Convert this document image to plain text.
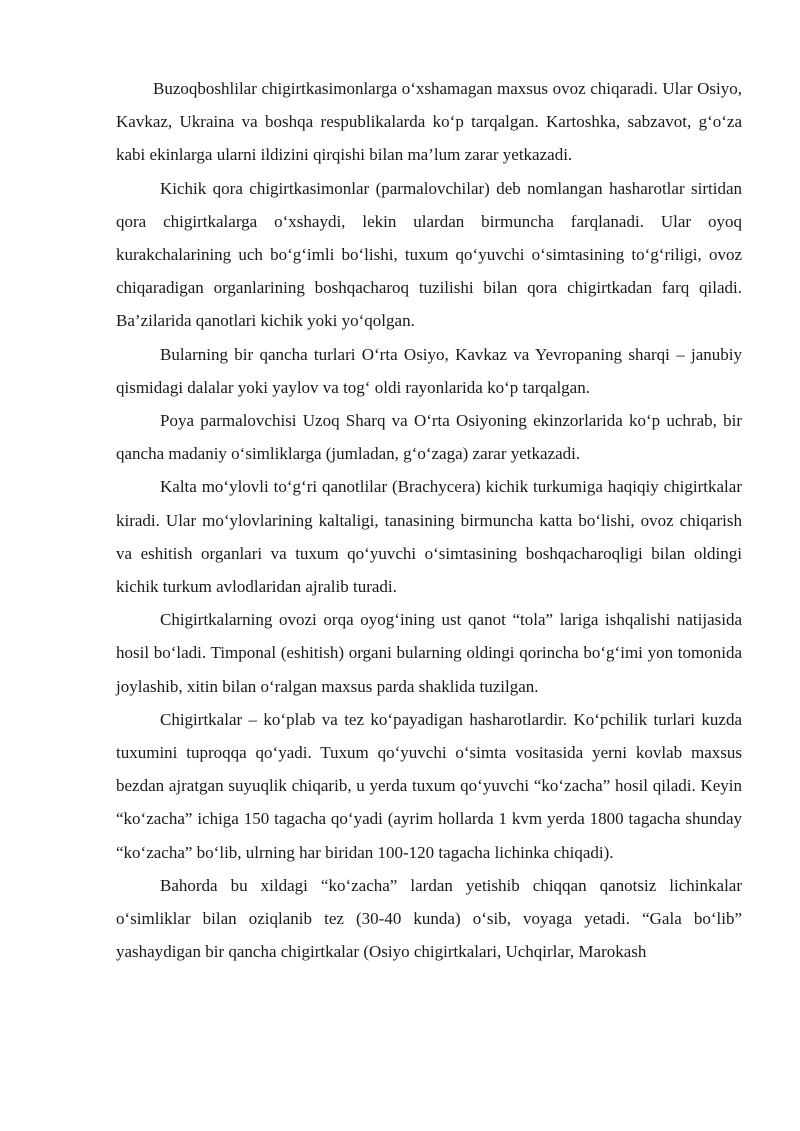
Buzoqboshlilar chigirtkasimonlarga o‘xshamagan maxsus ovoz chiqaradi. Ular Osiyo, Kavkaz, Ukraina va boshqa respublikalarda ko‘p tarqalgan. Kartoshka, sabzavot, g‘o‘za kabi ekinlarga ularni ildizini qirqishi bilan ma’lum zarar yetkazadi.

Kichik qora chigirtkasimonlar (parmalovchilar) deb nomlangan hasharotlar sirtidan qora chigirtkalarga o‘xshaydi, lekin ulardan birmuncha farqlanadi. Ular oyoq kurakchalarining uch bo‘g‘imli bo‘lishi, tuxum qo‘yuvchi o‘simtasining to‘g‘riligi, ovoz chiqaradigan organlarining boshqacharoq tuzilishi bilan qora chigirtkadan farq qiladi. Ba’zilarida qanotlari kichik yoki yo‘qolgan.

Bularning bir qancha turlari O‘rta Osiyo, Kavkaz va Yevropaning sharqi – janubiy qismidagi dalalar yoki yaylov va tog‘ oldi rayonlarida ko‘p tarqalgan.

Poya parmalovchisi Uzoq Sharq va O‘rta Osiyoning ekinzorlarida ko‘p uchrab, bir qancha madaniy o‘simliklarga (jumladan, g‘o‘zaga) zarar yetkazadi.

Kalta mo‘ylovli to‘g‘ri qanotlilar (Brachycera) kichik turkumiga haqiqiy chigirtkalar kiradi. Ular mo‘ylovlarining kaltaligi, tanasining birmuncha katta bo‘lishi, ovoz chiqarish va eshitish organlari va tuxum qo‘yuvchi o‘simtasining boshqacharoqligi bilan oldingi kichik turkum avlodlaridan ajralib turadi.

Chigirtkalarning ovozi orqa oyog‘ining ust qanot “tola” lariga ishqalishi natijasida hosil bo‘ladi. Timponal (eshitish) organi bularning oldingi qorincha bo‘g‘imi yon tomonida joylashib, xitin bilan o‘ralgan maxsus parda shaklida tuzilgan.

Chigirtkalar – ko‘plab va tez ko‘payadigan hasharotlardir. Ko‘pchilik turlari kuzda tuxumini tuproqqa qo‘yadi. Tuxum qo‘yuvchi o‘simta vositasida yerni kovlab maxsus bezdan ajratgan suyuqlik chiqarib, u yerda tuxum qo‘yuvchi “ko‘zacha” hosil qiladi. Keyin “ko‘zacha” ichiga 150 tagacha qo‘yadi (ayrim hollarda 1 kvm yerda 1800 tagacha shunday “ko‘zacha” bo‘lib, ulrning har biridan 100-120 tagacha lichinka chiqadi).

Bahorda bu xildagi “ko‘zacha” lardan yetishib chiqqan qanotsiz lichinkalar o‘simliklar bilan oziqlanib tez (30-40 kunda) o‘sib, voyaga yetadi. “Gala bo‘lib” yashaydigan bir qancha chigirtkalar (Osiyo chigirtkalari, Uchqirlar, Marokash
